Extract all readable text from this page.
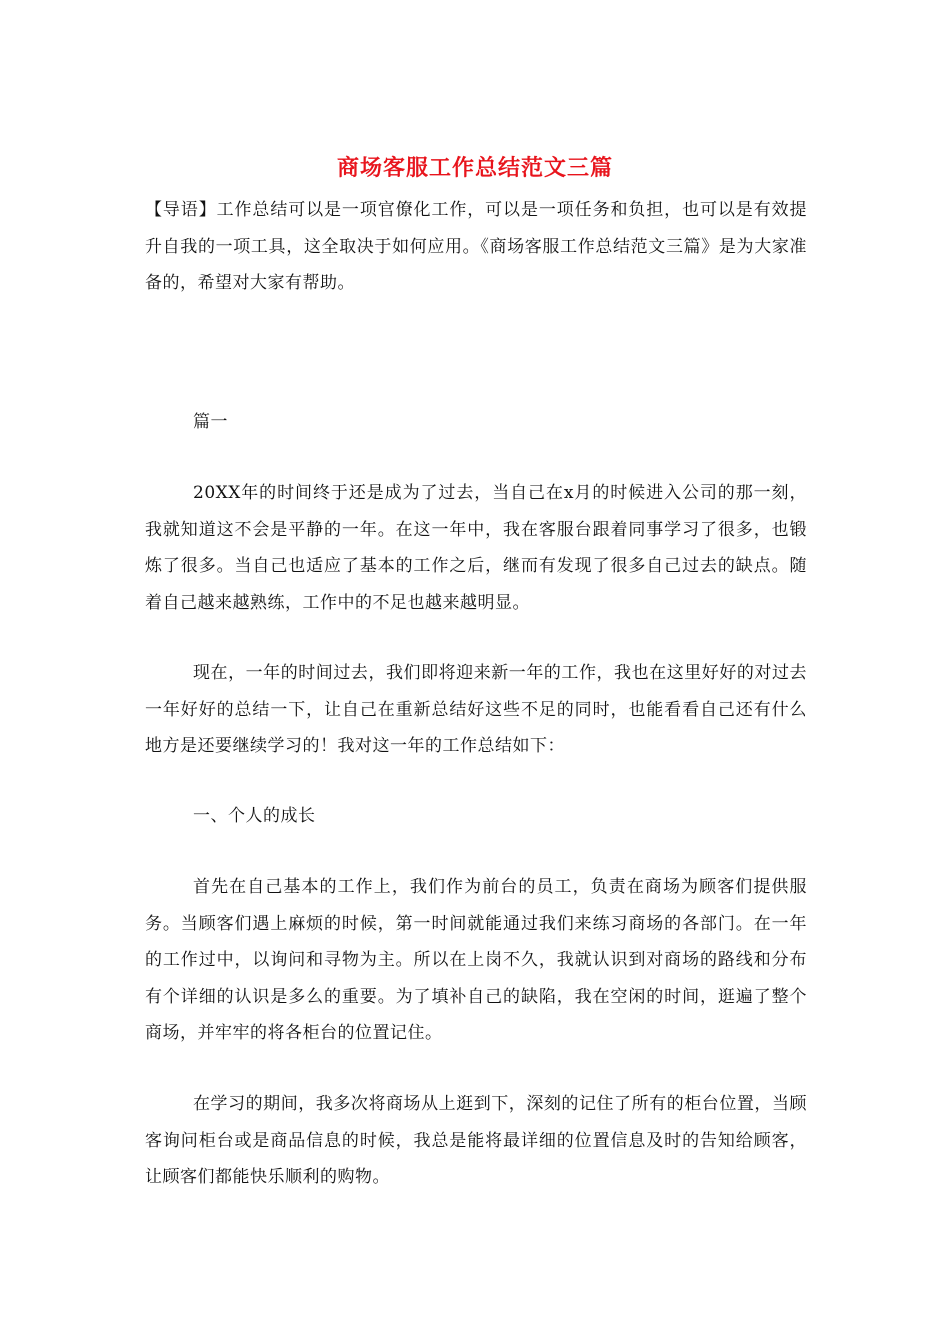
商场客服工作总结范文三篇

【导语】工作总结可以是一项官僚化工作，可以是一项任务和负担，也可以是有效提升自我的一项工具，这全取决于如何应用。《商场客服工作总结范文三篇》是为大家准备的，希望对大家有帮助。

篇一

20XX年的时间终于还是成为了过去，当自己在x月的时候进入公司的那一刻，我就知道这不会是平静的一年。在这一年中，我在客服台跟着同事学习了很多，也锻炼了很多。当自己也适应了基本的工作之后，继而有发现了很多自己过去的缺点。随着自己越来越熟练，工作中的不足也越来越明显。

现在，一年的时间过去，我们即将迎来新一年的工作，我也在这里好好的对过去一年好好的总结一下，让自己在重新总结好这些不足的同时，也能看看自己还有什么地方是还要继续学习的！我对这一年的工作总结如下：

一、个人的成长

首先在自己基本的工作上，我们作为前台的员工，负责在商场为顾客们提供服务。当顾客们遇上麻烦的时候，第一时间就能通过我们来练习商场的各部门。在一年的工作过中，以询问和寻物为主。所以在上岗不久，我就认识到对商场的路线和分布有个详细的认识是多么的重要。为了填补自己的缺陷，我在空闲的时间，逛遍了整个商场，并牢牢的将各柜台的位置记住。

在学习的期间，我多次将商场从上逛到下，深刻的记住了所有的柜台位置，当顾客询问柜台或是商品信息的时候，我总是能将最详细的位置信息及时的告知给顾客，让顾客们都能快乐顺利的购物。
